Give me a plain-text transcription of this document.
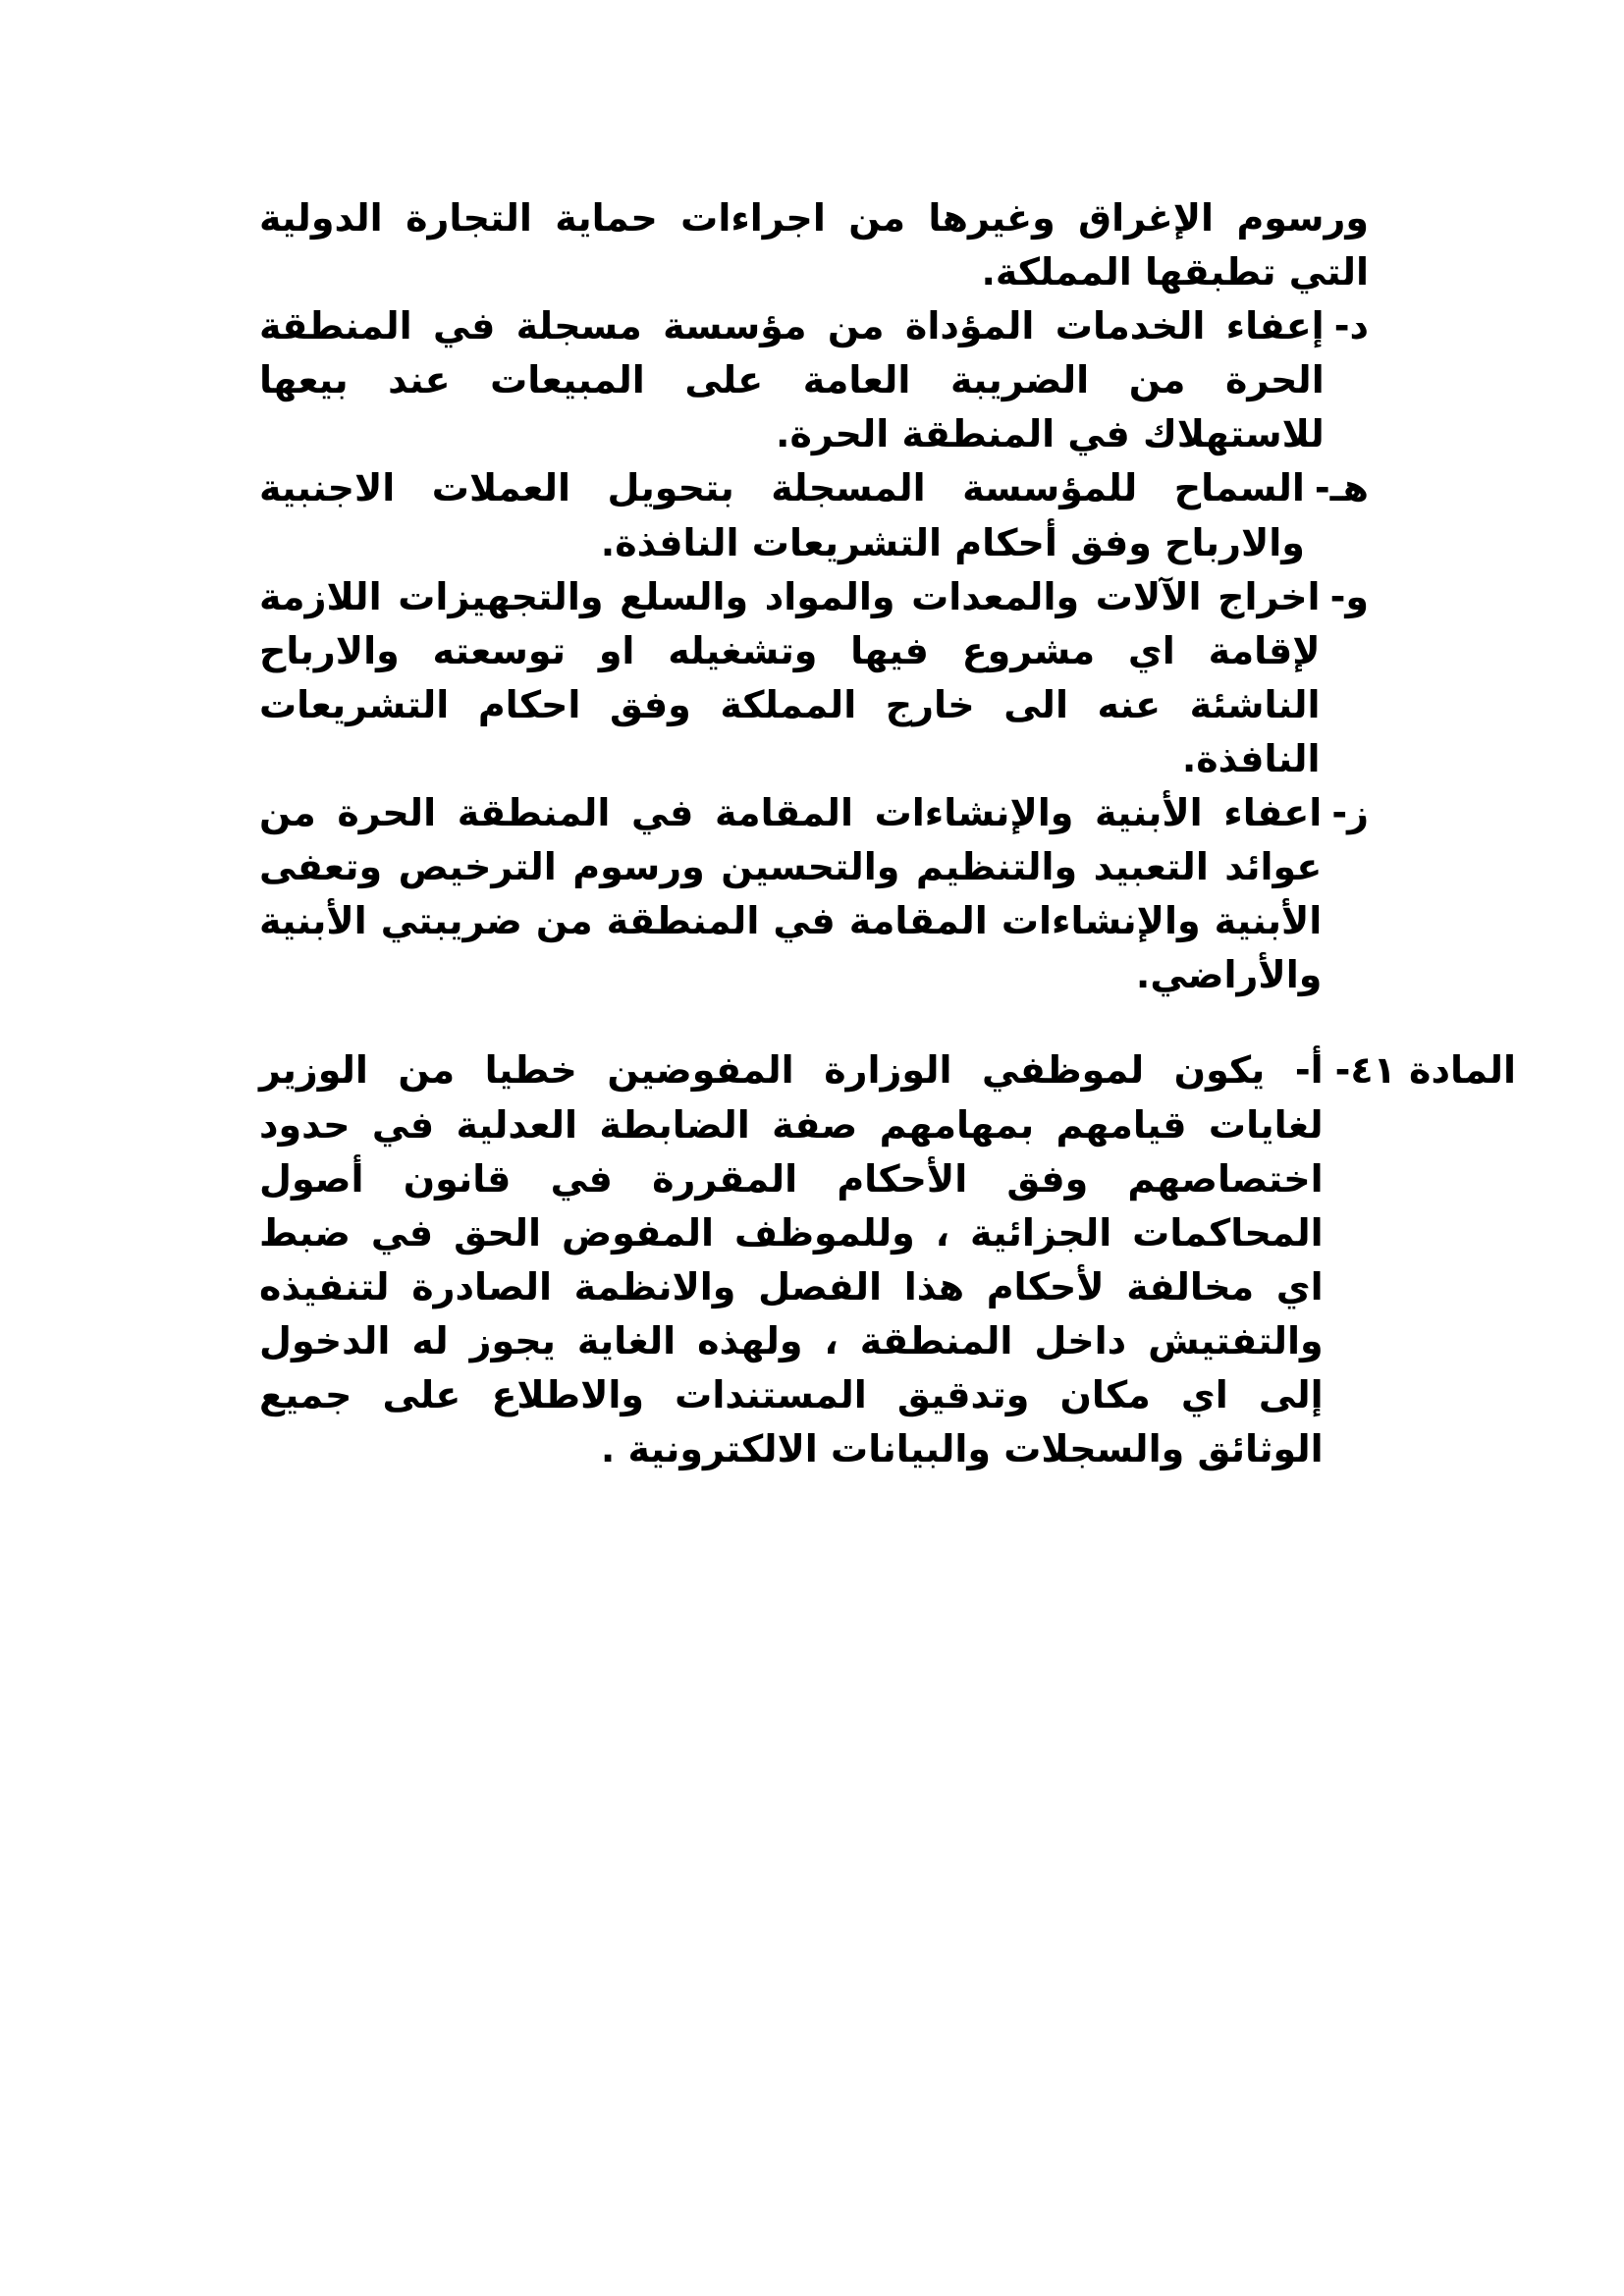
ورسوم الإغراق وغيرها من اجراءات حماية التجارة الدولية التي تطبقها المملكة.
د-
إعفاء الخدمات المؤداة من مؤسسة مسجلة في المنطقة الحرة من الضريبة العامة على المبيعات عند بيعها للاستهلاك في المنطقة الحرة.
هـ-
السماح للمؤسسة المسجلة بتحويل العملات الاجنبية والارباح وفق أحكام التشريعات النافذة.
و-
اخراج الآلات والمعدات والمواد والسلع والتجهيزات اللازمة لإقامة اي مشروع فيها وتشغيله او توسعته والارباح الناشئة عنه الى خارج المملكة وفق احكام التشريعات النافذة.
ز-
اعفاء الأبنية والإنشاءات المقامة في المنطقة الحرة من عوائد التعبيد والتنظيم والتحسين ورسوم الترخيص وتعفى الأبنية والإنشاءات المقامة في المنطقة من ضريبتي الأبنية والأراضي.
المادة ٤١-
أ- يكون لموظفي الوزارة المفوضين خطيا من الوزير لغايات قيامهم بمهامهم صفة الضابطة العدلية في حدود اختصاصهم وفق الأحكام المقررة في قانون أصول المحاكمات الجزائية ، وللموظف المفوض الحق في ضبط اي مخالفة لأحكام هذا الفصل والانظمة الصادرة لتنفيذه والتفتيش داخل المنطقة ، ولهذه الغاية يجوز له الدخول إلى اي مكان وتدقيق المستندات والاطلاع على جميع الوثائق والسجلات والبيانات الالكترونية .
